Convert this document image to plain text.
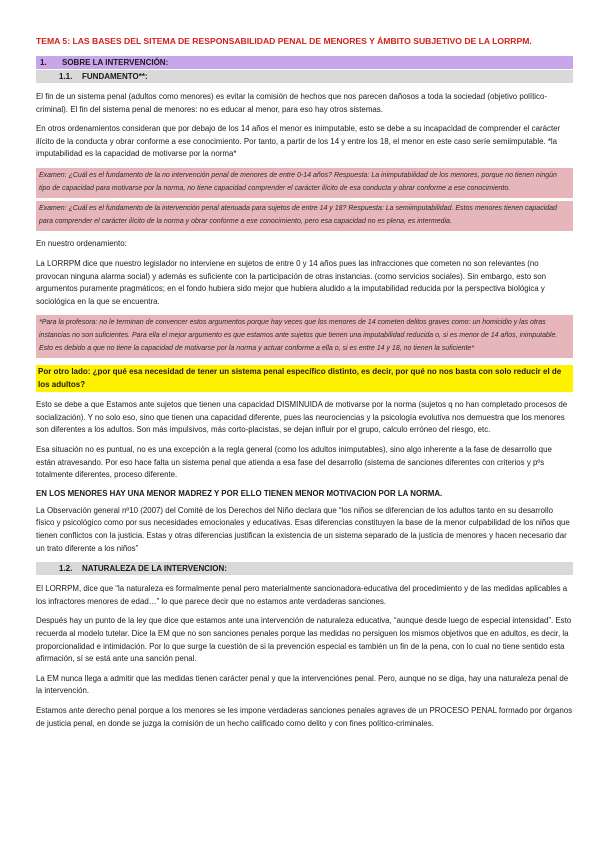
TEMA 5: LAS BASES DEL SITEMA DE RESPONSABILIDAD PENAL DE MENORES Y ÁMBITO SUBJETIVO DE LA LORRPM.
1. SOBRE LA INTERVENCIÓN:
1.1. FUNDAMENTO**:

El fin de un sistema penal (adultos como menores) es evitar la comisión de hechos que nos parecen dañosos a toda la sociedad (objetivo político-criminal). El fin del sistema penal de menores: no es educar al menor, para eso hay otros sistemas.

En otros ordenamientos consideran que por debajo de los 14 años el menor es inimputable, esto se debe a su incapacidad de comprender el carácter ilícito de la conducta y obrar conforme a ese conocimiento. Por tanto, a partir de los 14 y entre los 18, el menor en este caso seríe semiimputable. *la imputabilidad es la capacidad de motivarse por la norma*

Examen: ¿Cuál es el fundamento de la no intervención penal de menores de entre 0-14 años? Respuesta: La inimputabilidad de los menores, porque no tienen ningún tipo de capacidad para motivarse por la norma, no tiene capacidad comprender el carácter ilícito de esa conducta y obrar conforme a ese conocimiento.

Examen: ¿Cuál es el fundamento de la intervención penal atenuada para sujetos de entre 14 y 18? Respuesta: La semiimputabilidad. Estos menores tienen capacidad para comprender el carácter ilícito de la norma y obrar conforme a ese conocimiento, pero esa capacidad no es plena, es intermedia.

En nuestro ordenamiento:

La LORRPM dice que nuestro legislador no interviene en sujetos de entre 0 y 14 años pues las infracciones que cometen no son relevantes (no provocan ninguna alarma social) y además es suficiente con la participación de otras instancias. (como servicios sociales). Sin embargo, esto son argumentos puramente pragmáticos; en el fondo hubiera sido mejor que hubiera aludido a la imputabilidad reducida por la perspectiva biológica y sociológica en la que se encuentra.

*Para la profesora: no le terminan de convencer estos argumentos porque hay veces que los menores de 14 cometen delitos graves como: un homicidio y las otras instancias no son suficientes. Para ella el mejor argumento es que estamos ante sujetos que tienen una imputabilidad reducida o, si es menor de 14 años, inimputable. Esto es debido a que no tiene la capacidad de motivarse por la norma y actuar conforme a ella o, si es entre 14 y 18, no tienen la suficiente*

Por otro lado: ¿por qué esa necesidad de tener un sistema penal específico distinto, es decir, por qué no nos basta con solo reducir el de los adultos?

Esto se debe a que Estamos ante sujetos que tienen una capacidad DISMINUIDA de motivarse por la norma (sujetos q no han completado procesos de socialización). Y no solo eso, sino que tienen una capacidad diferente, pues las neurociencias y la psicología evolutiva nos demuestra que los menores son diferentes a los adultos. Son más impulsivos, más corto-placistas, se dejan influir por el grupo, calculo erróneo del riesgo, etc.

Esa situación no es puntual, no es una excepción a la regla general (como los adultos inimputables), sino algo inherente a la fase de desarrollo que están atravesando. Por eso hace falta un sistema penal que atienda a esa fase del desarrollo (sistema de sanciones diferentes con criterios y pºs totalmente diferentes, proceso diferente.

EN LOS MENORES HAY UNA MENOR MADREZ Y POR ELLO TIENEN MENOR MOTIVACION POR LA NORMA.

La Observación general nº10 (2007) del Comité de los Derechos del Niño declara que “los niños se diferencian de los adultos tanto en su desarrollo físico y psicológico como por sus necesidades emocionales y educativas. Esas diferencias constituyen la base de la menor culpabilidad de los niños que tienen conflictos con la justicia. Estas y otras diferencias justifican la existencia de un sistema separado de la justicia de menores y hacen necesario dar un trato diferente a los niños”

1.2. NATURALEZA DE LA INTERVENCION:

El LORRPM, dice que “la naturaleza es formalmente penal pero materialmente sancionadora-educativa del procedimiento y de las medidas aplicables a los infractores menores de edad…” lo que parece decir que no estamos ante verdaderas sanciones.

Después hay un punto de la ley que dice que estamos ante una intervención de naturaleza educativa, “aunque desde luego de especial intensidad”. Esto recuerda al modelo tutelar. Dice la EM que no son sanciones penales porque las medidas no persiguen los mismos objetivos que en adultos, es decir, la proporcionalidad e intimidación. Por lo que surge la cuestión de si la prevención especial es también un fin de la pena, con lo cual no tiene sentido esta afirmación, sí se está ante una sanción penal.

La EM nunca llega a admitir que las medidas tienen carácter penal y que la intervenciónes penal. Pero, aunque no se diga, hay una naturaleza penal de la intervención.

Estamos ante derecho penal porque a los menores se les impone verdaderas sanciones penales agraves de un PROCESO PENAL formado por órganos de justicia penal, en donde se juzga la comisión de un hecho calificado como delito y con fines político-criminales.
